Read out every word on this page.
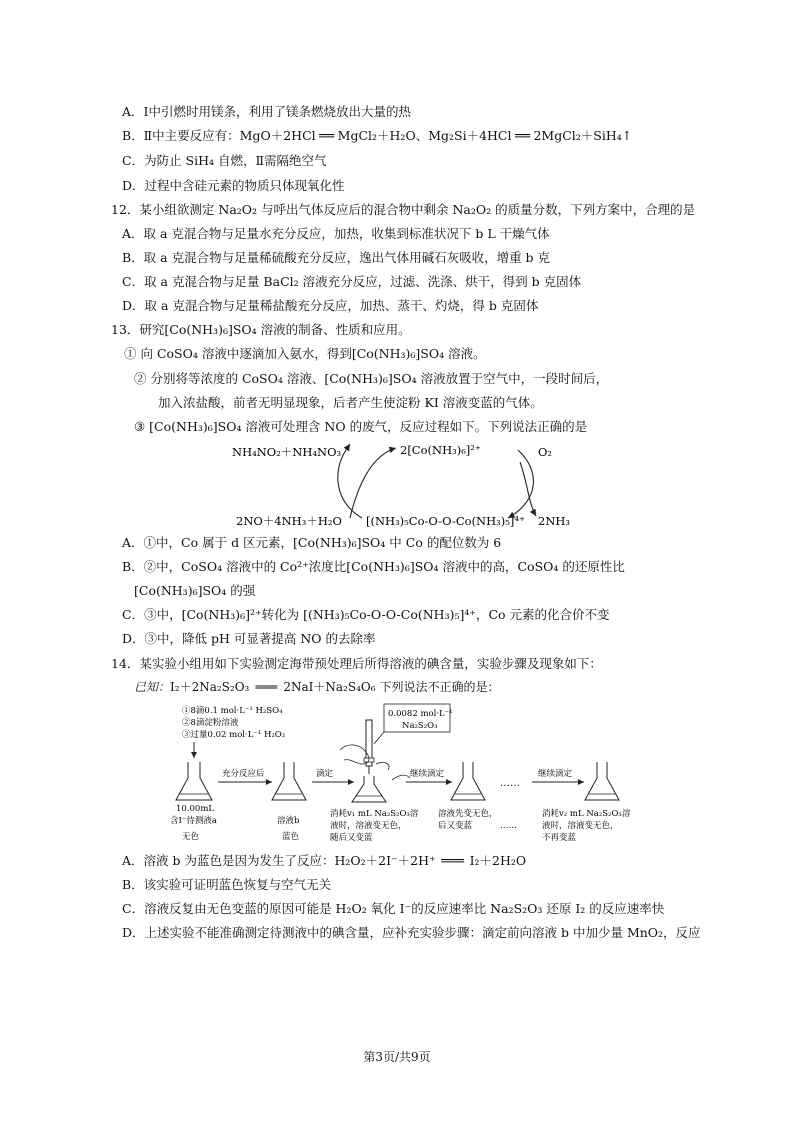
A．Ⅰ中引燃时用镁条，利用了镁条燃烧放出大量的热
B．Ⅱ中主要反应有：MgO＋2HCl ══ MgCl₂＋H₂O、Mg₂Si＋4HCl ══ 2MgCl₂＋SiH₄↑
C．为防止 SiH₄ 自燃，Ⅱ需隔绝空气
D．过程中含硅元素的物质只体现氧化性
12．某小组欲测定 Na₂O₂ 与呼出气体反应后的混合物中剩余 Na₂O₂ 的质量分数，下列方案中，合理的是
A．取 a 克混合物与足量水充分反应，加热，收集到标准状况下 b L 干燥气体
B．取 a 克混合物与足量稀硫酸充分反应，逸出气体用碱石灰吸收，增重 b 克
C．取 a 克混合物与足量 BaCl₂ 溶液充分反应，过滤、洗涤、烘干，得到 b 克固体
D．取 a 克混合物与足量稀盐酸充分反应，加热、蒸干、灼烧，得 b 克固体
13．研究[Co(NH₃)₆]SO₄ 溶液的制备、性质和应用。
① 向 CoSO₄ 溶液中逐滴加入氨水，得到[Co(NH₃)₆]SO₄ 溶液。
② 分别将等浓度的 CoSO₄ 溶液、[Co(NH₃)₆]SO₄ 溶液放置于空气中，一段时间后，
加入浓盐酸，前者无明显现象，后者产生使淀粉 KI 溶液变蓝的气体。
③ [Co(NH₃)₆]SO₄ 溶液可处理含 NO 的废气，反应过程如下。下列说法正确的是
NH₄NO₂＋NH₄NO₃	2[Co(NH₃)₆]²⁺	O₂
2NO＋4NH₃＋H₂O [(NH₃)₅Co-O-O-Co(NH₃)₅]⁴⁺ 2NH₃
A．①中，Co 属于 d 区元素，[Co(NH₃)₆]SO₄ 中 Co 的配位数为 6
B．②中，CoSO₄ 溶液中的 Co²⁺浓度比[Co(NH₃)₆]SO₄ 溶液中的高，CoSO₄ 的还原性比
[Co(NH₃)₆]SO₄ 的强
C．③中，[Co(NH₃)₆]²⁺转化为 [(NH₃)₅Co-O-O-Co(NH₃)₅]⁴⁺，Co 元素的化合价不变
D．③中，降低 pH 可显著提高 NO 的去除率
14．某实验小组用如下实验测定海带预处理后所得溶液的碘含量，实验步骤及现象如下：
已知：I₂＋2Na₂S₂O₃ ═══ 2NaI＋Na₂S₄O₆ 下列说法不正确的是：
①8滴0.1 mol·L⁻¹ H₂SO₄
②8滴淀粉溶液
③过量0.02 mol·L⁻¹ H₂O₂
充分反应后	滴定
0.0082 mol·L⁻¹
Na₂S₂O₃
继续滴定
……
继续滴定
10.00mL
含I⁻待测液a
无色
溶液b
蓝色
消耗v₁ mL Na₂S₂O₃溶
液时，溶液变无色，
随后又变蓝
溶液先变无色，
后又变蓝	……
消耗v₂ mL Na₂S₂O₃溶
液时，溶液变无色，
不再变蓝
A．溶液 b 为蓝色是因为发生了反应：H₂O₂＋2I⁻＋2H⁺ ═══ I₂＋2H₂O
B．该实验可证明蓝色恢复与空气无关
C．溶液反复由无色变蓝的原因可能是 H₂O₂ 氧化 I⁻的反应速率比 Na₂S₂O₃ 还原 I₂ 的反应速率快
D．上述实验不能准确测定待测液中的碘含量，应补充实验步骤：滴定前向溶液 b 中加少量 MnO₂，反应
第3页/共9页
